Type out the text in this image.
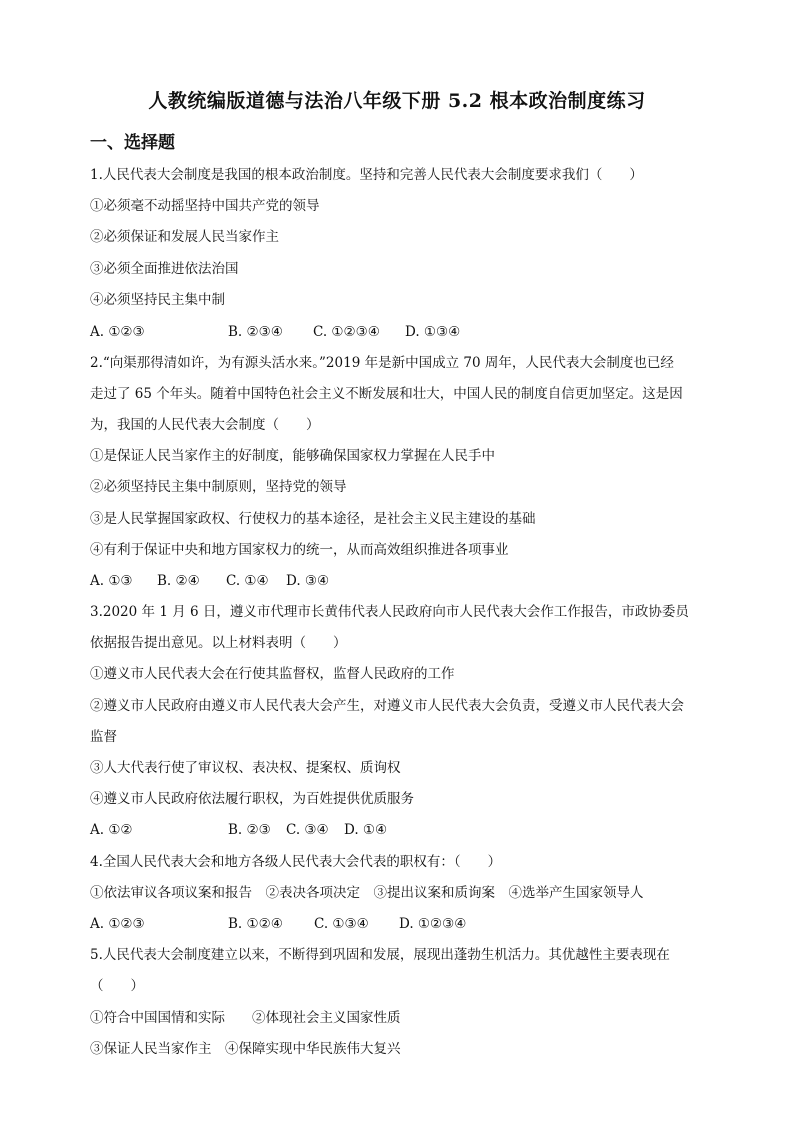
人教统编版道德与法治八年级下册 5.2 根本政治制度练习
一、选择题
1.人民代表大会制度是我国的根本政治制度。坚持和完善人民代表大会制度要求我们（　　）
①必须毫不动摇坚持中国共产党的领导
②必须保证和发展人民当家作主
③必须全面推进依法治国
④必须坚持民主集中制
A. ①②③	B. ②③④ C. ①②③④ D. ①③④
2.“向渠那得清如许，为有源头活水来。”2019 年是新中国成立 70 周年，人民代表大会制度也已经
走过了 65 个年头。随着中国特色社会主义不断发展和壮大，中国人民的制度自信更加坚定。这是因
为，我国的人民代表大会制度（　　）
①是保证人民当家作主的好制度，能够确保国家权力掌握在人民手中
②必须坚持民主集中制原则，坚持党的领导
③是人民掌握国家政权、行使权力的基本途径，是社会主义民主建设的基础
④有利于保证中央和地方国家权力的统一，从而高效组织推进各项事业
A. ①③ B. ②④ C. ①④ D. ③④
3.2020 年 1 月 6 日，遵义市代理市长黄伟代表人民政府向市人民代表大会作工作报告，市政协委员
依据报告提出意见。以上材料表明（　　）
①遵义市人民代表大会在行使其监督权，监督人民政府的工作
②遵义市人民政府由遵义市人民代表大会产生，对遵义市人民代表大会负责，受遵义市人民代表大会
监督
③人大代表行使了审议权、表决权、提案权、质询权
④遵义市人民政府依法履行职权，为百姓提供优质服务
A. ①②	B. ②③ C. ③④ D. ①④
4.全国人民代表大会和地方各级人民代表大会代表的职权有：（　　）
①依法审议各项议案和报告　②表决各项决定　③提出议案和质询案　④选举产生国家领导人
A. ①②③	B. ①②④ C. ①③④ D. ①②③④
5.人民代表大会制度建立以来，不断得到巩固和发展，展现出蓬勃生机活力。其优越性主要表现在
（　　）
①符合中国国情和实际　　②体现社会主义国家性质
③保证人民当家作主　④保障实现中华民族伟大复兴
